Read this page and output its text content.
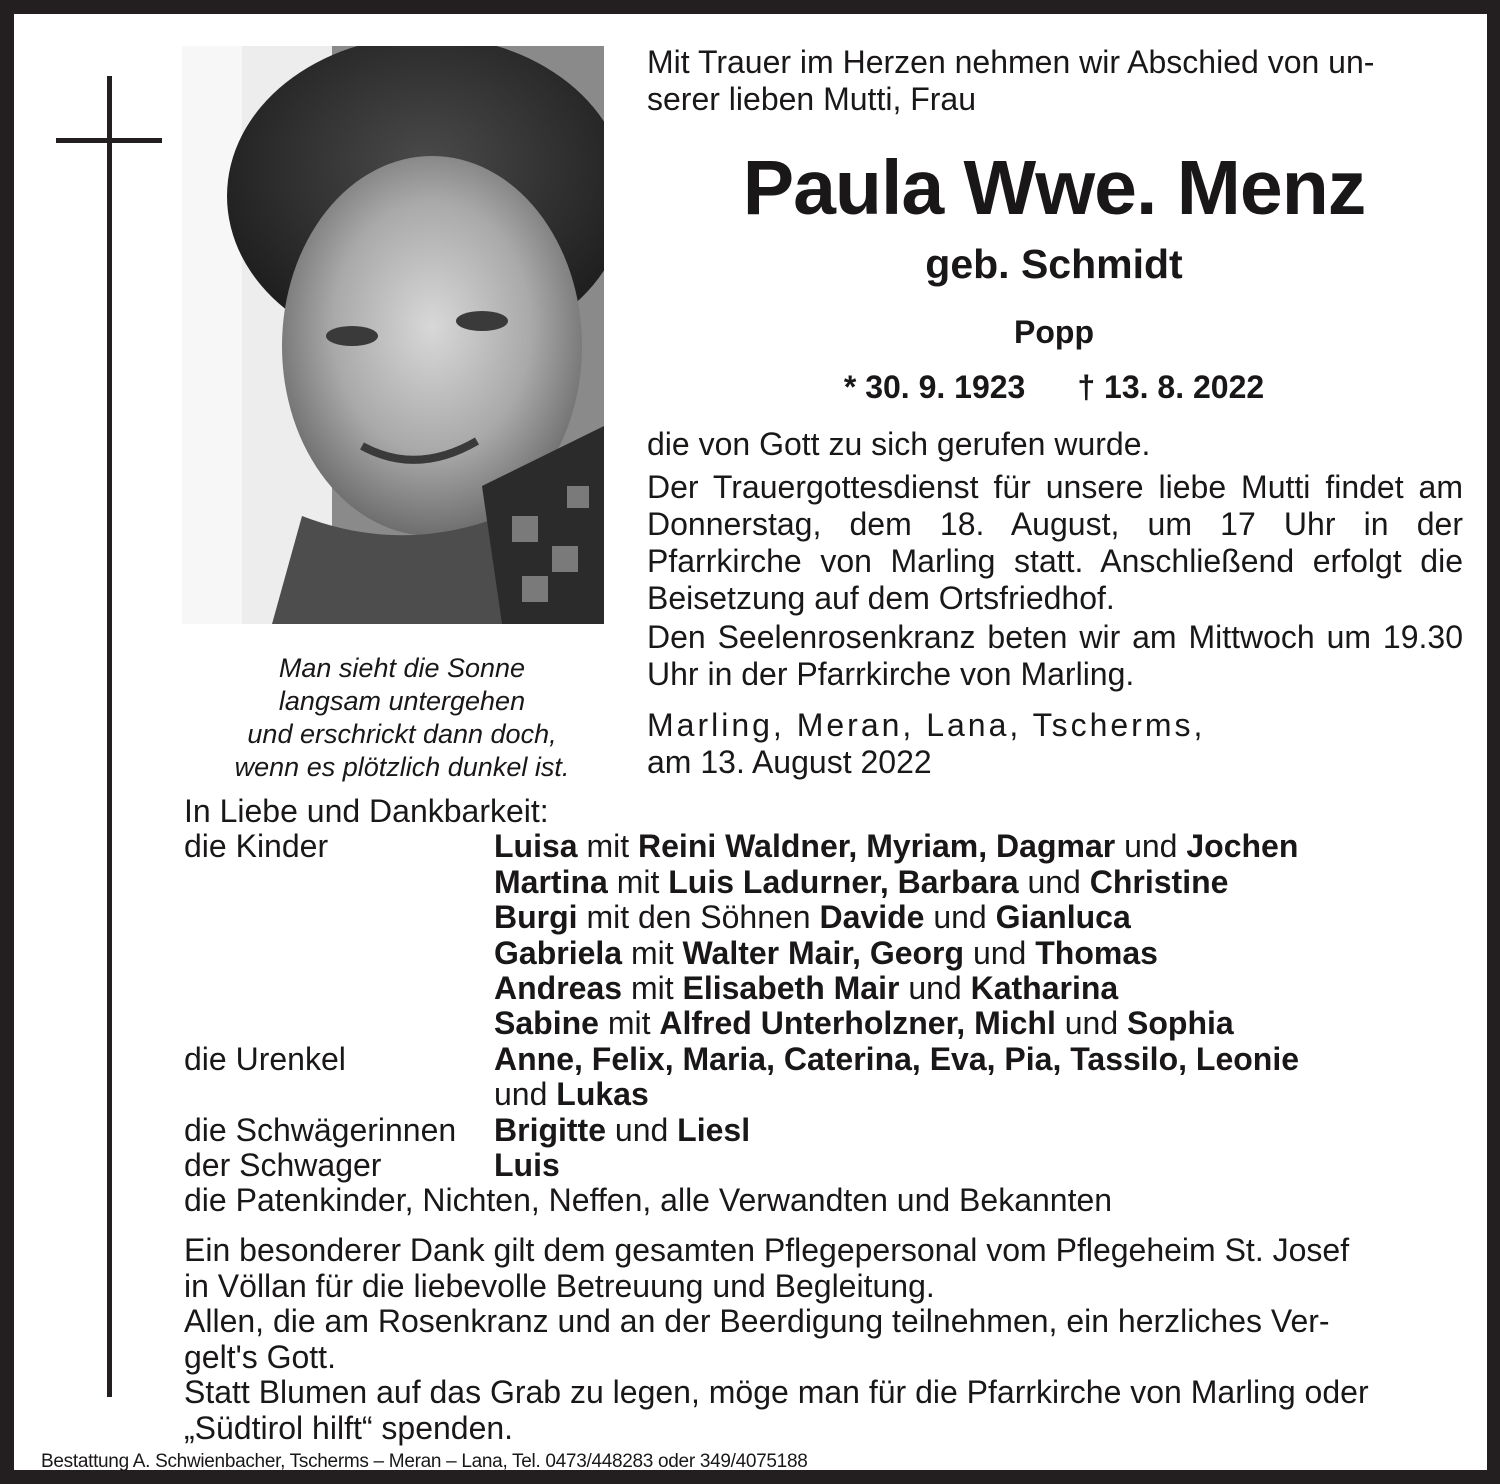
Man sieht die Sonne
langsam untergehen
und erschrickt dann doch,
wenn es plötzlich dunkel ist.
Mit Trauer im Herzen nehmen wir Abschied von un-
serer lieben Mutti, Frau
Paula Wwe. Menz
geb. Schmidt
Popp
* 30. 9. 1923 † 13. 8. 2022
die von Gott zu sich gerufen wurde.
Der Trauergottesdienst für unsere liebe Mutti findet am Donnerstag, dem 18. August, um 17 Uhr in der Pfarrkirche von Marling statt. Anschließend erfolgt die Beisetzung auf dem Ortsfriedhof.
Den Seelenrosenkranz beten wir am Mittwoch um 19.30 Uhr in der Pfarrkirche von Marling.
Marling, Meran, Lana, Tscherms,
am 13. August 2022
In Liebe und Dankbarkeit:
die Kinder	Luisa mit Reini Waldner, Myriam, Dagmar und Jochen
Martina mit Luis Ladurner, Barbara und Christine
Burgi mit den Söhnen Davide und Gianluca
Gabriela mit Walter Mair, Georg und Thomas
Andreas mit Elisabeth Mair und Katharina
Sabine mit Alfred Unterholzner, Michl und Sophia
die Urenkel	Anne, Felix, Maria, Caterina, Eva, Pia, Tassilo, Leonie
und Lukas
die Schwägerinnen	Brigitte und Liesl
der Schwager	Luis
die Patenkinder, Nichten, Neffen, alle Verwandten und Bekannten
Ein besonderer Dank gilt dem gesamten Pflegepersonal vom Pflegeheim St. Josef
in Völlan für die liebevolle Betreuung und Begleitung.
Allen, die am Rosenkranz und an der Beerdigung teilnehmen, ein herzliches Ver-
gelt's Gott.
Statt Blumen auf das Grab zu legen, möge man für die Pfarrkirche von Marling oder
„Südtirol hilft“ spenden.
Bestattung A. Schwienbacher, Tscherms – Meran – Lana, Tel. 0473/448283 oder 349/4075188
